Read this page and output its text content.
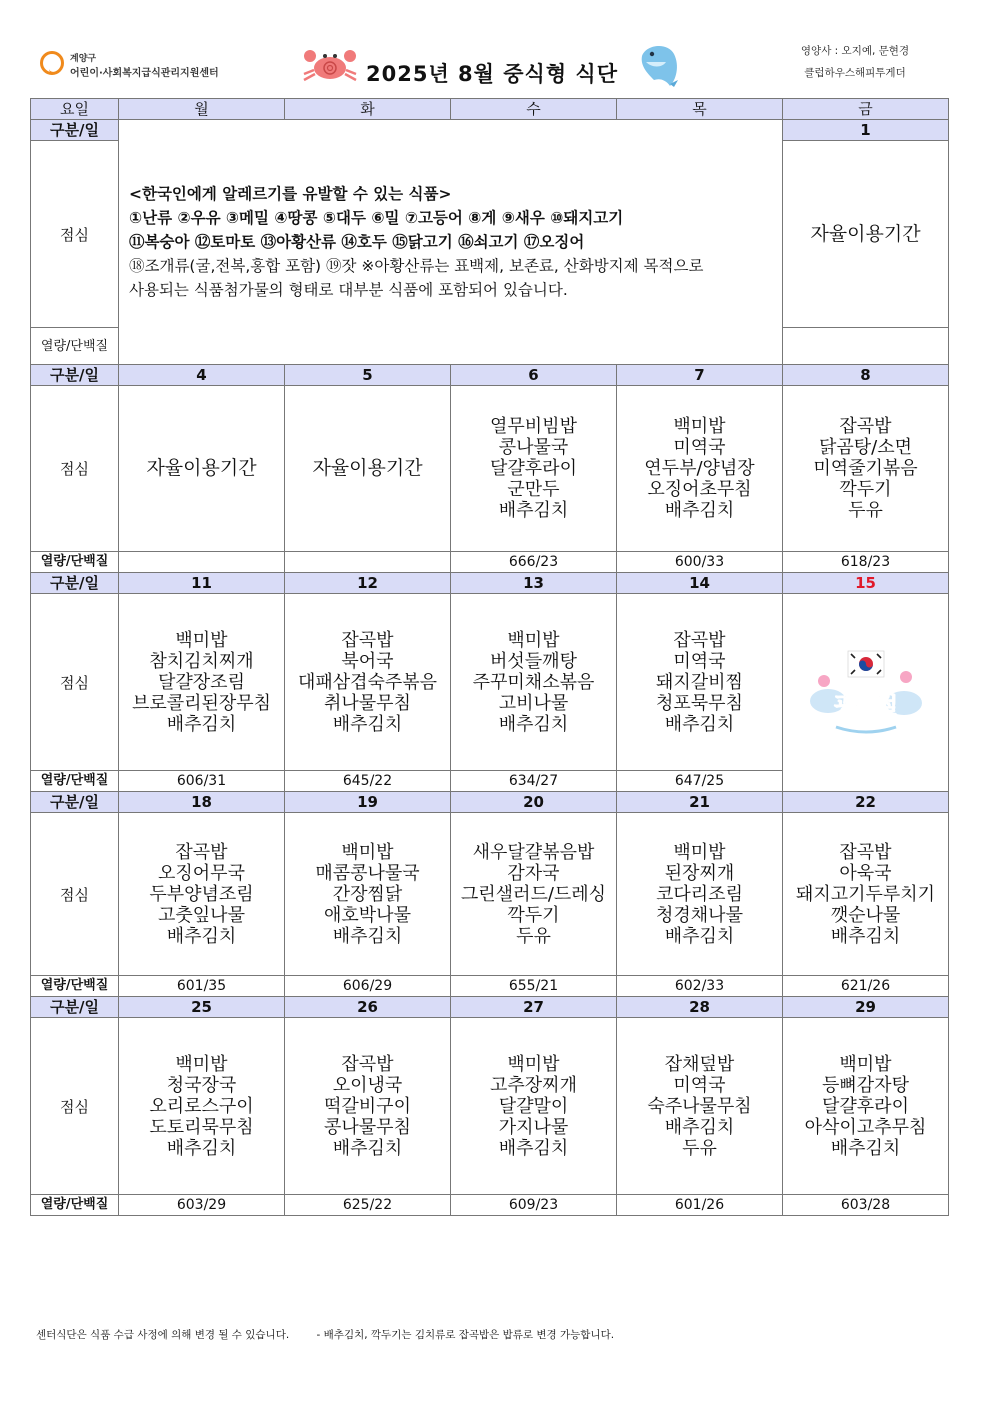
계양구
어린이·사회복지급식관리지원센터	2025년 8월 중식형 식단
영양사 : 오지예, 문현경
클럽하우스해피투게더
요일	월	화	수	목	금
구분/일	<한국인에게 알레르기를 유발할 수 있는 식품>
①난류 ②우유 ③메밀 ④땅콩 ⑤대두 ⑥밀 ⑦고등어 ⑧게 ⑨새우 ⑩돼지고기
⑪복숭아 ⑫토마토 ⑬아황산류 ⑭호두 ⑮닭고기 ⑯쇠고기 ⑰오징어
⑱조개류(굴,전복,홍합 포함) ⑲잣 ※아황산류는 표백제, 보존료, 산화방지제 목적으로
사용되는 식품첨가물의 형태로 대부분 식품에 포함되어 있습니다.				1
점심					자율이용기간
열량/단백질					
구분/일	4	5	6	7	8
점심	자율이용기간	자율이용기간	열무비빔밥
콩나물국
달걀후라이
군만두
배추김치	백미밥
미역국
연두부/양념장
오징어초무침
배추김치	잡곡밥
닭곰탕/소면
미역줄기볶음
깍두기
두유
열량/단백질			666/23	600/33	618/23
구분/일	11	12	13	14	15
점심	백미밥
참치김치찌개
달걀장조림
브로콜리된장무침
배추김치	잡곡밥
북어국
대패삼겹숙주볶음
취나물무침
배추김치	백미밥
버섯들깨탕
주꾸미채소볶음
고비나물
배추김치	잡곡밥
미역국
돼지갈비찜
청포묵무침
배추김치	광복절

열량/단백질	606/31	645/22	634/27	647/25	
구분/일	18	19	20	21	22
점심	잡곡밥
오징어무국
두부양념조림
고춧잎나물
배추김치	백미밥
매콤콩나물국
간장찜닭
애호박나물
배추김치	새우달걀볶음밥
감자국
그린샐러드/드레싱
깍두기
두유	백미밥
된장찌개
코다리조림
청경채나물
배추김치	잡곡밥
아욱국
돼지고기두루치기
깻순나물
배추김치
열량/단백질	601/35	606/29	655/21	602/33	621/26
구분/일	25	26	27	28	29
점심	백미밥
청국장국
오리로스구이
도토리묵무침
배추김치	잡곡밥
오이냉국
떡갈비구이
콩나물무침
배추김치	백미밥
고추장찌개
달걀말이
가지나물
배추김치	잡채덮밥
미역국
숙주나물무침
배추김치
두유	백미밥
등뼈감자탕
달걀후라이
아삭이고추무침
배추김치
열량/단백질	603/29	625/22	609/23	601/26	603/28
센터식단은 식품 수급 사정에 의해 변경 될 수 있습니다.	- 배추김치, 깍두기는 김치류로 잡곡밥은 밥류로 변경 가능합니다.
